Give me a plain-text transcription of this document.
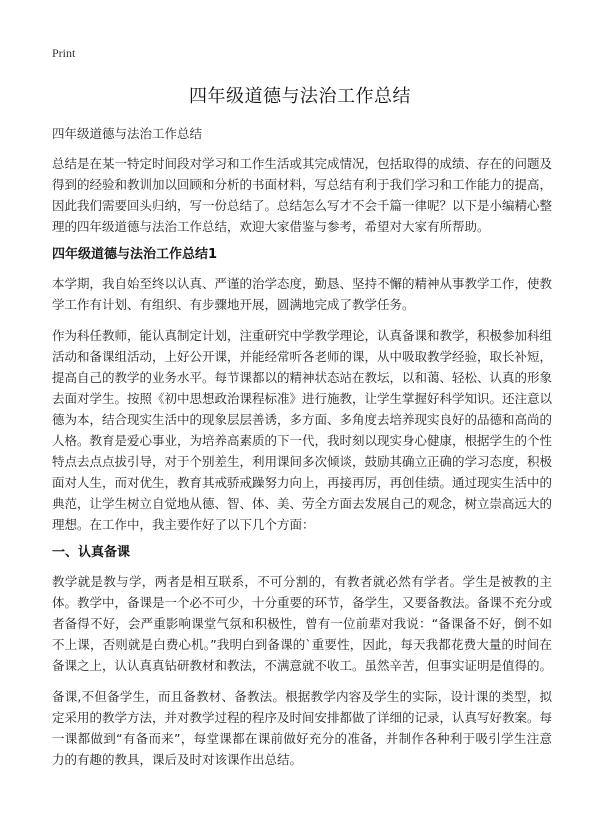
Print
四年级道德与法治工作总结

四年级道德与法治工作总结

总结是在某一特定时间段对学习和工作生活或其完成情况，包括取得的成绩、存在的问题及得到的经验和教训加以回顾和分析的书面材料，写总结有利于我们学习和工作能力的提高，因此我们需要回头归纳，写一份总结了。总结怎么写才不会千篇一律呢？以下是小编精心整理的四年级道德与法治工作总结，欢迎大家借鉴与参考，希望对大家有所帮助。

四年级道德与法治工作总结1

本学期，我自始至终以认真、严谨的治学态度，勤恳、坚持不懈的精神从事教学工作，使教学工作有计划、有组织、有步骤地开展，圆满地完成了教学任务。

作为科任教师，能认真制定计划，注重研究中学教学理论，认真备课和教学，积极参加科组活动和备课组活动，上好公开课，并能经常听各老师的课，从中吸取教学经验，取长补短，提高自己的教学的业务水平。每节课都以的精神状态站在教坛，以和蔼、轻松、认真的形象去面对学生。按照《初中思想政治课程标准》进行施教，让学生掌握好科学知识。还注意以德为本，结合现实生活中的现象层层善诱，多方面、多角度去培养现实良好的品德和高尚的人格。教育是爱心事业，为培养高素质的下一代，我时刻以现实身心健康，根据学生的个性特点去点点拔引导，对于个别差生，利用课间多次倾谈，鼓励其确立正确的学习态度，积极面对人生，而对优生，教育其戒骄戒躁努力向上，再接再厉，再创佳绩。通过现实生活中的典范，让学生树立自觉地从德、智、体、美、劳全方面去发展自己的观念，树立崇高远大的理想。在工作中，我主要作好了以下几个方面：

一、认真备课

教学就是教与学，两者是相互联系，不可分割的，有教者就必然有学者。学生是被教的主体。教学中，备课是一个必不可少，十分重要的环节，备学生，又要备教法。备课不充分或者备得不好，会严重影响课堂气氛和积极性，曾有一位前辈对我说：“备课备不好，倒不如不上课，否则就是白费心机。”我明白到备课的`重要性，因此，每天我都花费大量的时间在备课之上，认认真真钻研教材和教法，不满意就不收工。虽然辛苦，但事实证明是值得的。

备课,不但备学生，而且备教材、备教法。根据教学内容及学生的实际，设计课的类型，拟定采用的教学方法，并对教学过程的程序及时间安排都做了详细的记录，认真写好教案。每一课都做到“有备而来”，每堂课都在课前做好充分的准备，并制作各种利于吸引学生注意力的有趣的教具，课后及时对该课作出总结。
